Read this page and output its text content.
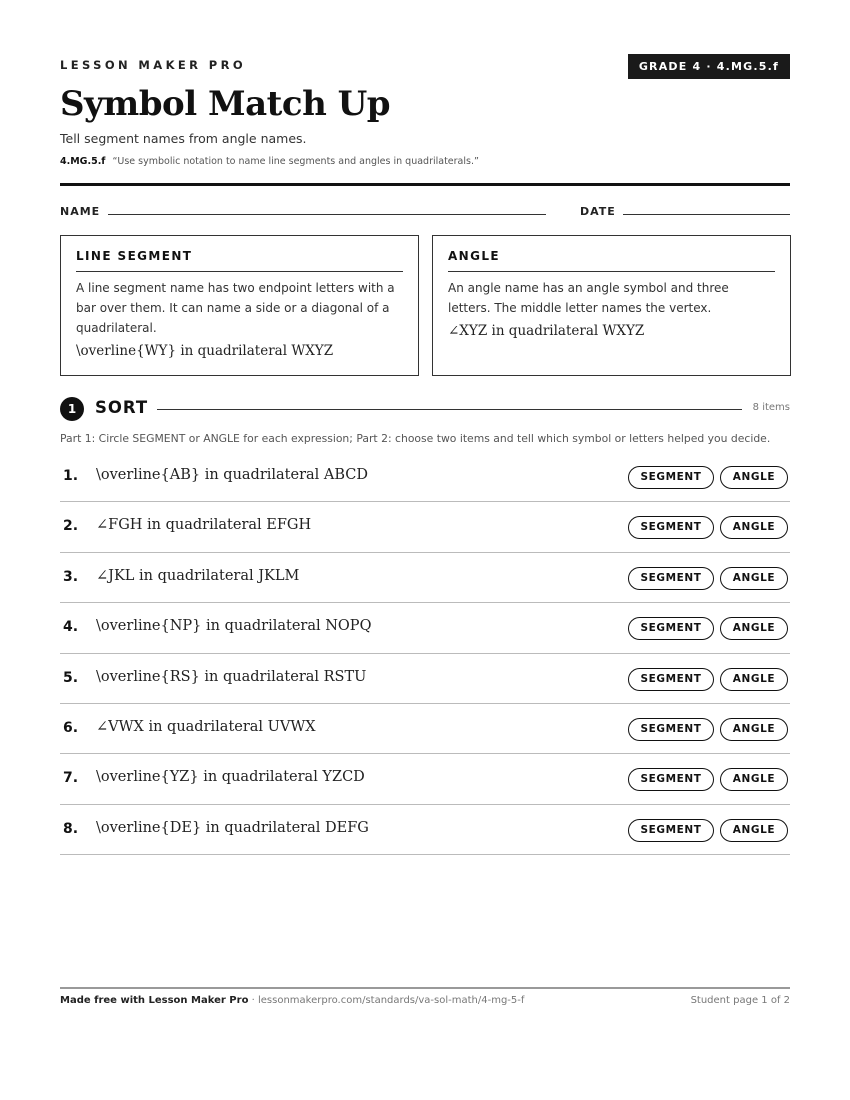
LESSON MAKER PRO	GRADE 4 · 4.MG.5.f
Symbol Match Up
Tell segment names from angle names.
4.MG.5.f “Use symbolic notation to name line segments and angles in quadrilaterals.”
NAME	DATE
LINE SEGMENT
A line segment name has two endpoint letters with a bar over them. It can name a side or a diagonal of a quadrilateral.
\overline{WY} in quadrilateral WXYZ
ANGLE
An angle name has an angle symbol and three letters. The middle letter names the vertex.
∠XYZ in quadrilateral WXYZ
1	SORT	8 items
Part 1: Circle SEGMENT or ANGLE for each expression; Part 2: choose two items and tell which symbol or letters helped you decide.
1. \overline{AB} in quadrilateral ABCD	SEGMENT	ANGLE
2. ∠FGH in quadrilateral EFGH	SEGMENT	ANGLE
3. ∠JKL in quadrilateral JKLM	SEGMENT	ANGLE
4. \overline{NP} in quadrilateral NOPQ	SEGMENT	ANGLE
5. \overline{RS} in quadrilateral RSTU	SEGMENT	ANGLE
6. ∠VWX in quadrilateral UVWX	SEGMENT	ANGLE
7. \overline{YZ} in quadrilateral YZCD	SEGMENT	ANGLE
8. \overline{DE} in quadrilateral DEFG	SEGMENT	ANGLE
Made free with Lesson Maker Pro · lessonmakerpro.com/standards/va-sol-math/4-mg-5-f	Student page 1 of 2
